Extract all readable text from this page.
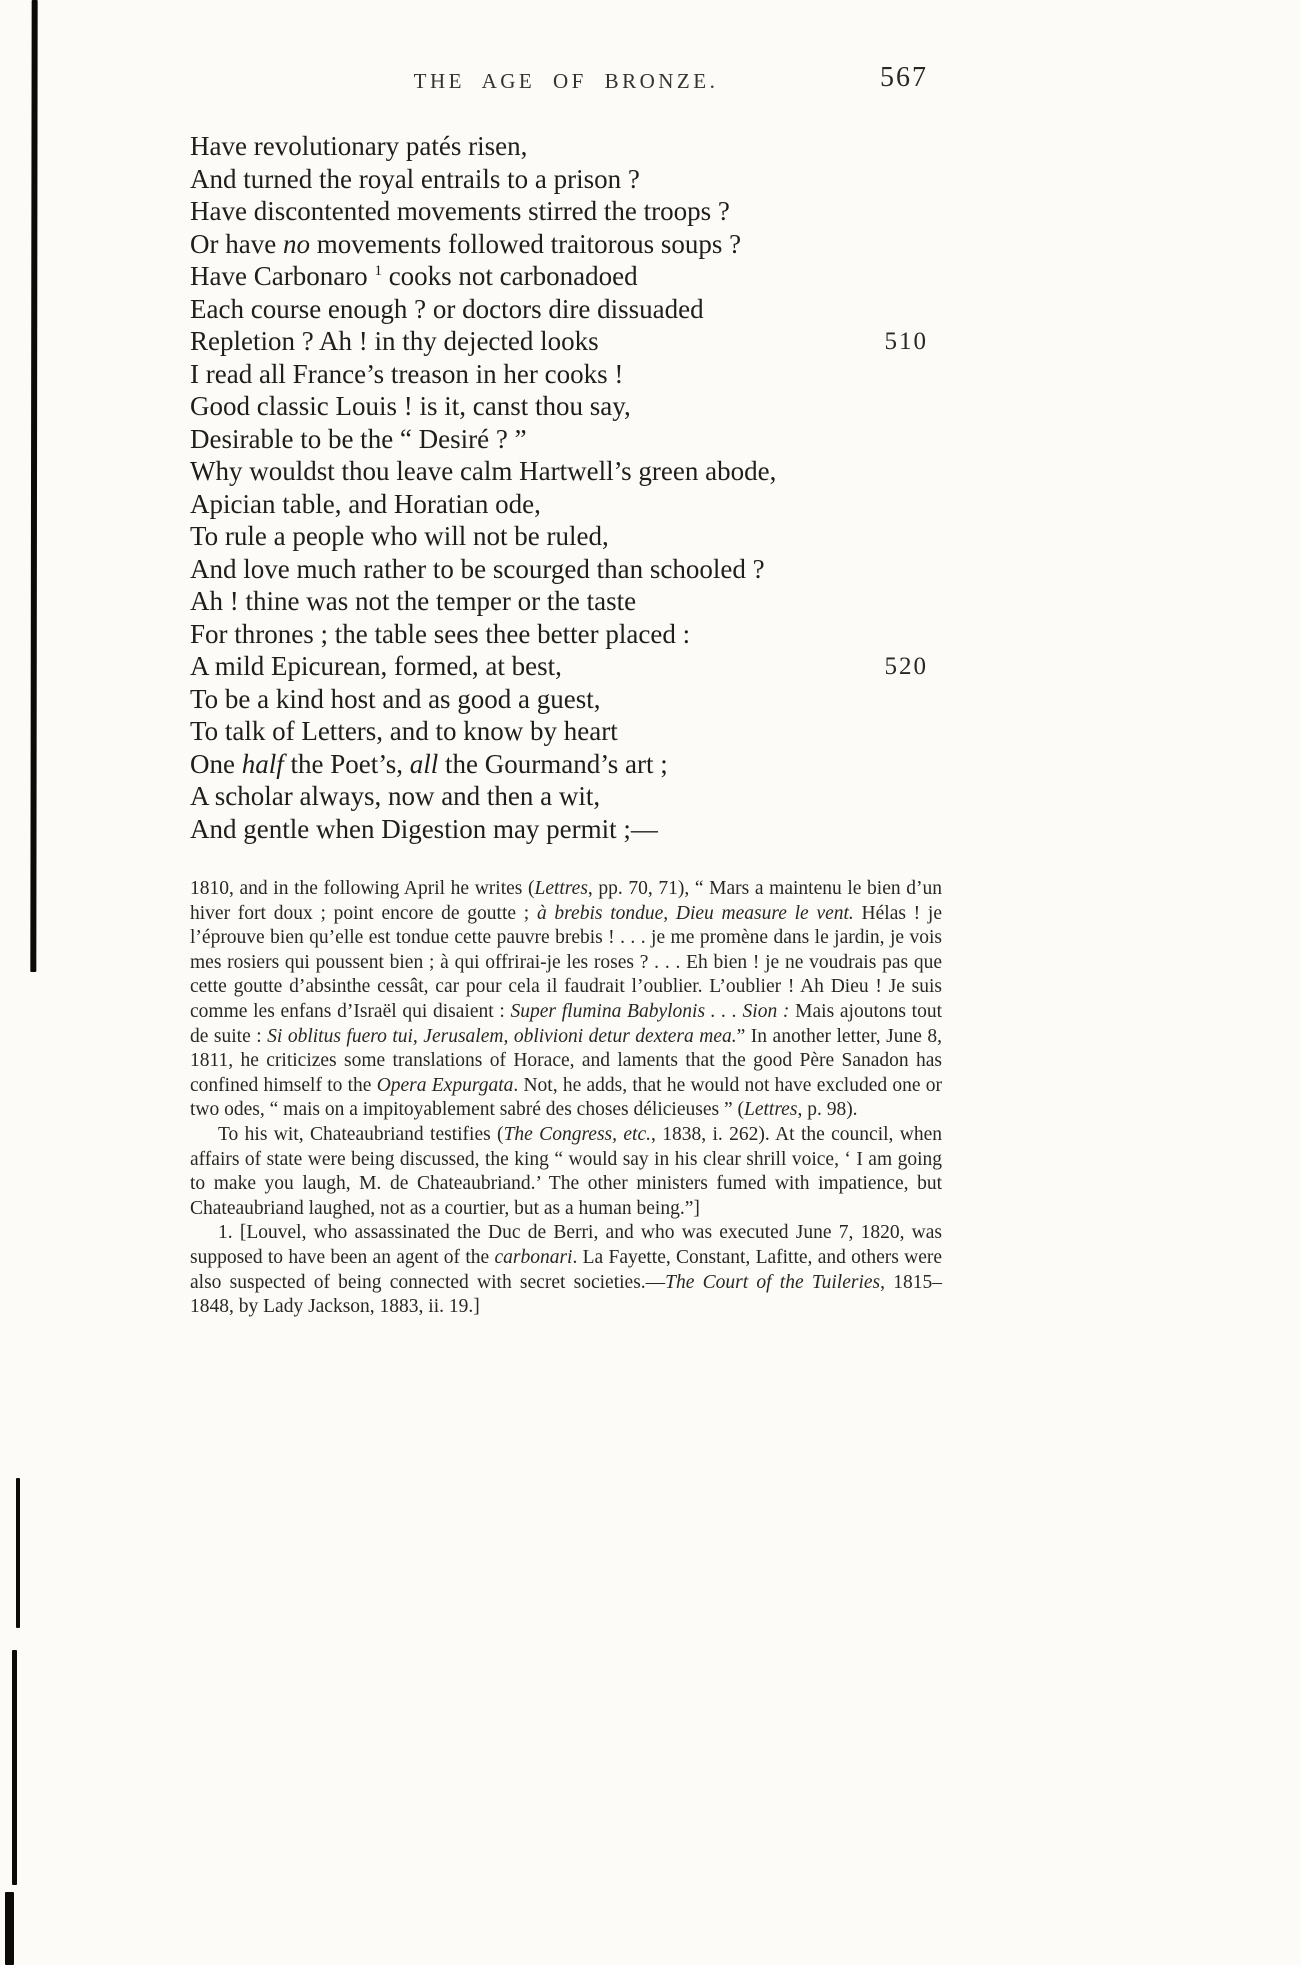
THE AGE OF BRONZE.	567
Have revolutionary patés risen,
And turned the royal entrails to a prison ?
Have discontented movements stirred the troops ?
Or have no movements followed traitorous soups ?
Have Carbonaro $^1$ cooks not carbonadoed
Each course enough ? or doctors dire dissuaded
Repletion ? Ah ! in thy dejected looks	510
I read all France’s treason in her cooks !
Good classic Louis ! is it, canst thou say,
Desirable to be the “ Desiré ? ”
Why wouldst thou leave calm Hartwell’s green abode,
Apician table, and Horatian ode,
To rule a people who will not be ruled,
And love much rather to be scourged than schooled ?
Ah ! thine was not the temper or the taste
For thrones ; the table sees thee better placed :
A mild Epicurean, formed, at best,	520
To be a kind host and as good a guest,
To talk of Letters, and to know by heart
One half the Poet’s, all the Gourmand’s art ;
A scholar always, now and then a wit,
And gentle when Digestion may permit ;—

1810, and in the following April he writes (Lettres, pp. 70, 71), “ Mars a maintenu le bien d’un hiver fort doux ; point encore de goutte ; à brebis tondue, Dieu measure le vent. Hélas ! je l’éprouve bien qu’elle est tondue cette pauvre brebis ! . . . je me promène dans le jardin, je vois mes rosiers qui poussent bien ; à qui offrirai-je les roses ? . . . Eh bien ! je ne voudrais pas que cette goutte d’absinthe cessât, car pour cela il faudrait l’oublier. L’oublier ! Ah Dieu ! Je suis comme les enfans d’Israël qui disaient : Super flumina Babylonis . . . Sion : Mais ajoutons tout de suite : Si oblitus fuero tui, Jerusalem, oblivioni detur dextera mea.” In another letter, June 8, 1811, he criticizes some translations of Horace, and laments that the good Père Sanadon has confined himself to the Opera Expurgata. Not, he adds, that he would not have excluded one or two odes, “ mais on a impitoyablement sabré des choses délicieuses ” (Lettres, p. 98).

To his wit, Chateaubriand testifies (The Congress, etc., 1838, i. 262). At the council, when affairs of state were being discussed, the king “ would say in his clear shrill voice, ‘ I am going to make you laugh, M. de Chateaubriand.’ The other ministers fumed with impatience, but Chateaubriand laughed, not as a courtier, but as a human being.”]

1. [Louvel, who assassinated the Duc de Berri, and who was executed June 7, 1820, was supposed to have been an agent of the carbonari. La Fayette, Constant, Lafitte, and others were also suspected of being connected with secret societies.—The Court of the Tuileries, 1815–1848, by Lady Jackson, 1883, ii. 19.]
